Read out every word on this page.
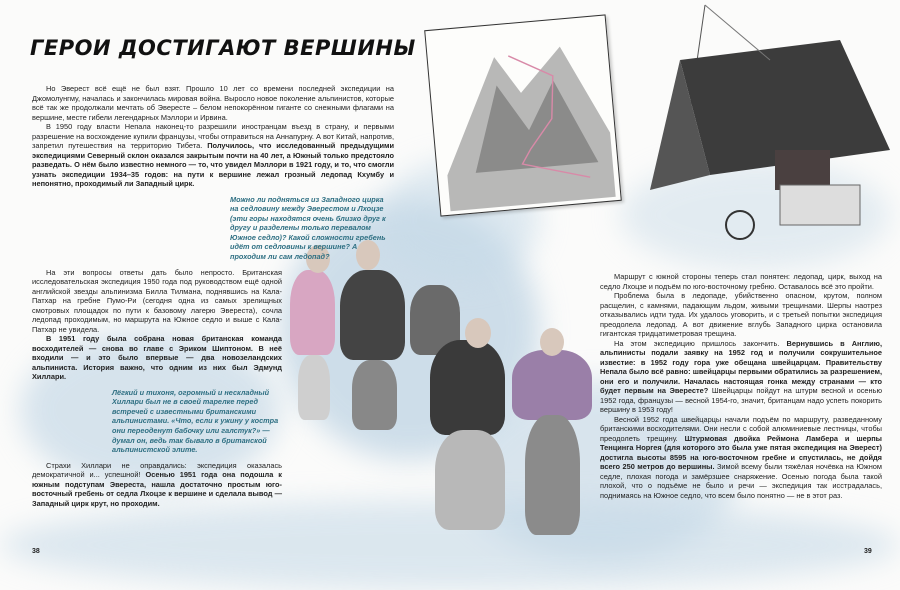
ГЕРОИ ДОСТИГАЮТ ВЕРШИНЫ

Но Эверест всё ещё не был взят. Прошло 10 лет со времени последней экспедиции на Джомолунгму, началась и закончилась мировая война. Выросло новое поколение альпинистов, которые всё так же продолжали мечтать об Эвересте – белом непокорённом гиганте со снежными флагами на вершине, месте гибели легендарных Мэллори и Ирвина.

В 1950 году власти Непала наконец-то разрешили иностранцам въезд в страну, и первыми разрешение на восхождение купили французы, чтобы отправиться на Аннапурну. А вот Китай, напротив, запретил путешествия на территорию Тибета. Получилось, что исследованный предыдущими экспедициями Северный склон оказался закрытым почти на 40 лет, а Южный только предстояло разведать. О нём было известно немного — то, что увидел Мэллори в 1921 году, и то, что смогли узнать экспедиции 1934–35 годов: на пути к вершине лежал грозный ледопад Кхумбу и непонятно, проходимый ли Западный цирк.

Можно ли подняться из Западного цирка на седловину между Эверестом и Лхоцзе (эти горы находятся очень близко друг к другу и разделены только перевалом Южное седло)? Какой сложности гребень идёт от седловины к вершине? А проходим ли сам ледопад?

На эти вопросы ответы дать было непросто. Британская исследовательская экспедиция 1950 года под руководством ещё одной английской звезды альпинизма Билла Тилмана, поднявшись на Кала-Патхар на гребне Пумо-Ри (сегодня одна из самых зрелищных смотровых площадок по пути к базовому лагерю Эвереста), сочла ледопад проходимым, но маршрута на Южное седло и выше с Кала-Патхар не увидела.

В 1951 году была собрана новая британская команда восходителей — снова во главе с Эриком Шиптоном. В неё входили — и это было впервые — два новозеландских альпиниста. История важно, что одним из них был Эдмунд Хиллари.

Лёгкий и тихоня, огромный и нескладный Хиллари был не в своей тарелке перед встречей с известными британскими альпинистами. «Что, если к ужину у костра они переоденут бабочку или галстук?» — думал он, ведь так бывало в британской альпинистской элите.

Страхи Хиллари не оправдались: экспедиция оказалась демократичной и... успешной! Осенью 1951 года она подошла к южным подступам Эвереста, нашла достаточно простым юго-восточный гребень от седла Лхоцзе к вершине и сделала вывод — Западный цирк крут, но проходим.

Маршрут с южной стороны теперь стал понятен: ледопад, цирк, выход на седло Лхоцзе и подъём по юго-восточному гребню. Оставалось всё это пройти.

Проблема была в ледопаде, убийственно опасном, крутом, полном расщелин, с камнями, падающим льдом, живыми трещинами. Шерпы наотрез отказывались идти туда. Их удалось уговорить, и с третьей попытки экспедиция преодолела ледопад. А вот движение вглубь Западного цирка остановила гигантская тридцатиметровая трещина.

На этом экспедицию пришлось закончить. Вернувшись в Англию, альпинисты подали заявку на 1952 год и получили сокрушительное известие: в 1952 году гора уже обещана швейцарцам. Правительству Непала было всё равно: швейцарцы первыми обратились за разрешением, они его и получили. Началась настоящая гонка между странами — кто будет первым на Эвересте? Швейцарцы пойдут на штурм весной и осенью 1952 года, французы — весной 1954-го, значит, британцам надо успеть покорить вершину в 1953 году!

Весной 1952 года швейцарцы начали подъём по маршруту, разведанному британскими восходителями. Они несли с собой алюминиевые лестницы, чтобы преодолеть трещину. Штурмовая двойка Реймона Ламбера и шерпы Тенцинга Норгея (для которого это была уже пятая экспедиция на Эверест) достигла высоты 8595 на юго-восточном гребне и спустилась, не дойдя всего 250 метров до вершины. Зимой всему были тяжёлая ночёвка на Южном седле, плохая погода и замёрзшее снаряжение. Осенью погода была такой плохой, что о подъёме не было и речи — экспедиция так исстрадалась, поднимаясь на Южное седло, что всем было понятно — не в этот раз.

38	39
